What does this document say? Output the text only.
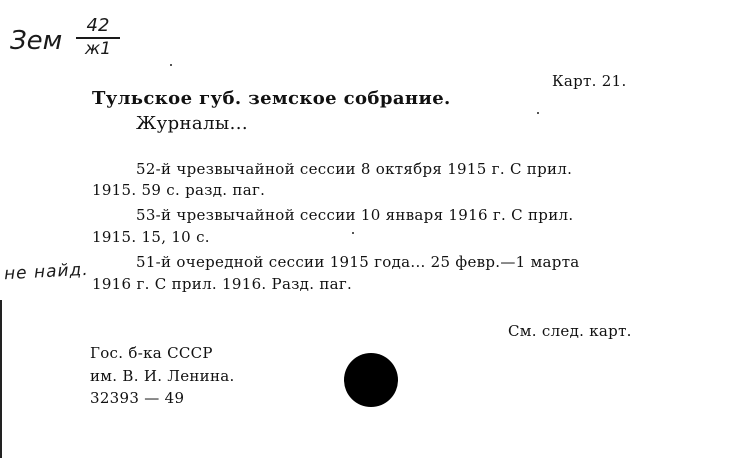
Зем
42
ж1
Карт. 21.
Тульское губ. земское собрание.
Журналы...
52-й чрезвычайной сессии 8 октября 1915 г. С прил.
1915. 59 с. разд. паг.
53-й чрезвычайной сессии 10 января 1916 г. С прил.
1915. 15, 10 с.
51-й очередной сессии 1915 года... 25 февр.—1 марта
1916 г. С прил. 1916. Разд. паг.
не найд.
См. след. карт.
Гос. б-ка СССР
им. В. И. Ленина.
32393 — 49
